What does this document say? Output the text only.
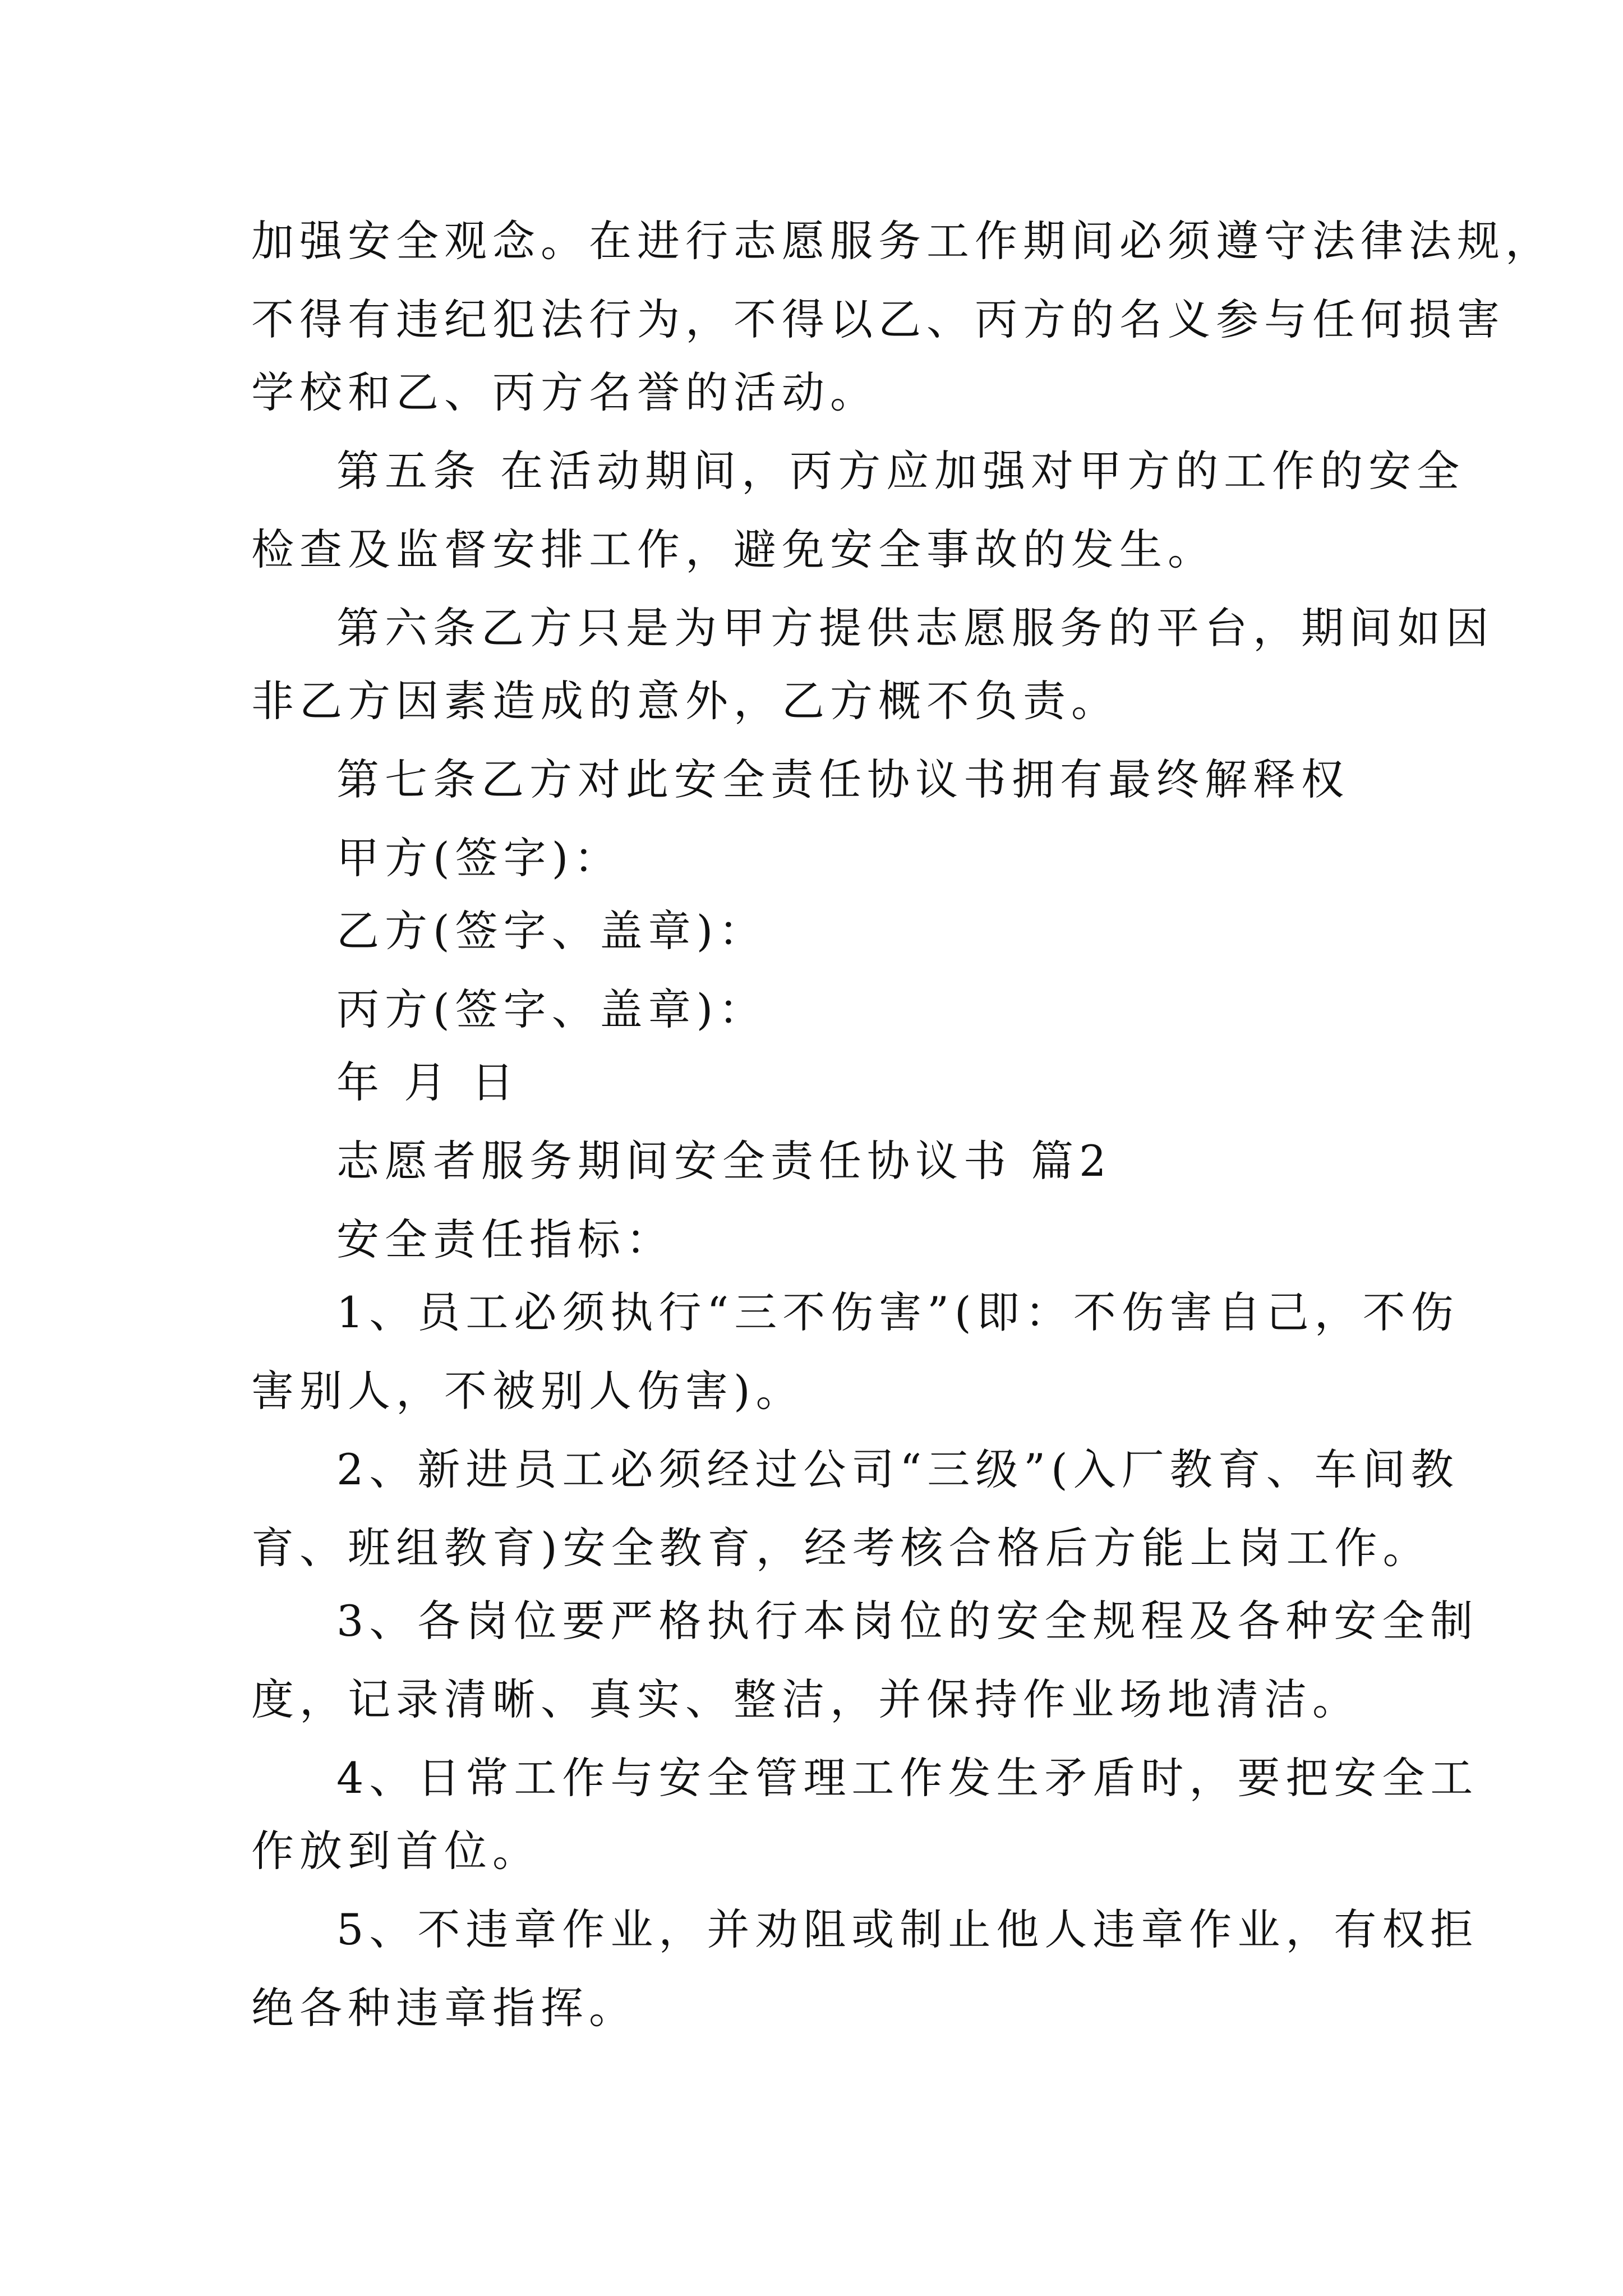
加强安全观念。在进行志愿服务工作期间必须遵守法律法规，
不得有违纪犯法行为，不得以乙、丙方的名义参与任何损害
学校和乙、丙方名誉的活动。
第五条 在活动期间，丙方应加强对甲方的工作的安全
检查及监督安排工作，避免安全事故的发生。
第六条乙方只是为甲方提供志愿服务的平台，期间如因
非乙方因素造成的意外，乙方概不负责。
第七条乙方对此安全责任协议书拥有最终解释权
甲方(签字)：
乙方(签字、盖章)：
丙方(签字、盖章)：
年 月 日
志愿者服务期间安全责任协议书 篇2
安全责任指标：
1、员工必须执行“三不伤害”(即：不伤害自己，不伤
害别人，不被别人伤害)。
2、新进员工必须经过公司“三级”(入厂教育、车间教
育、班组教育)安全教育，经考核合格后方能上岗工作。
3、各岗位要严格执行本岗位的安全规程及各种安全制
度，记录清晰、真实、整洁，并保持作业场地清洁。
4、日常工作与安全管理工作发生矛盾时，要把安全工
作放到首位。
5、不违章作业，并劝阻或制止他人违章作业，有权拒
绝各种违章指挥。
